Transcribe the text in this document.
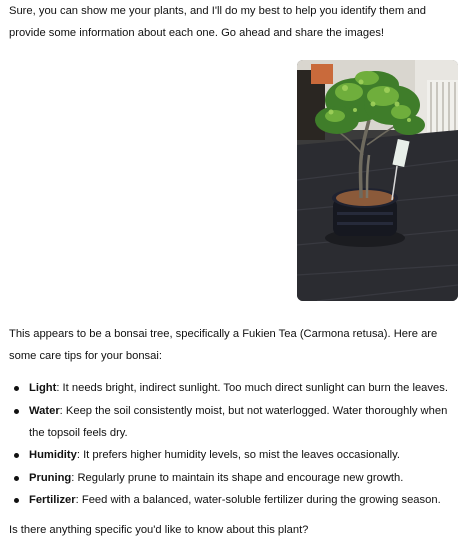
Sure, you can show me your plants, and I'll do my best to help you identify them and provide some information about each one. Go ahead and share the images!

This appears to be a bonsai tree, specifically a Fukien Tea (Carmona retusa). Here are some care tips for your bonsai:

Light: It needs bright, indirect sunlight. Too much direct sunlight can burn the leaves.
Water: Keep the soil consistently moist, but not waterlogged. Water thoroughly when the topsoil feels dry.
Humidity: It prefers higher humidity levels, so mist the leaves occasionally.
Pruning: Regularly prune to maintain its shape and encourage new growth.
Fertilizer: Feed with a balanced, water-soluble fertilizer during the growing season.

Is there anything specific you'd like to know about this plant?
